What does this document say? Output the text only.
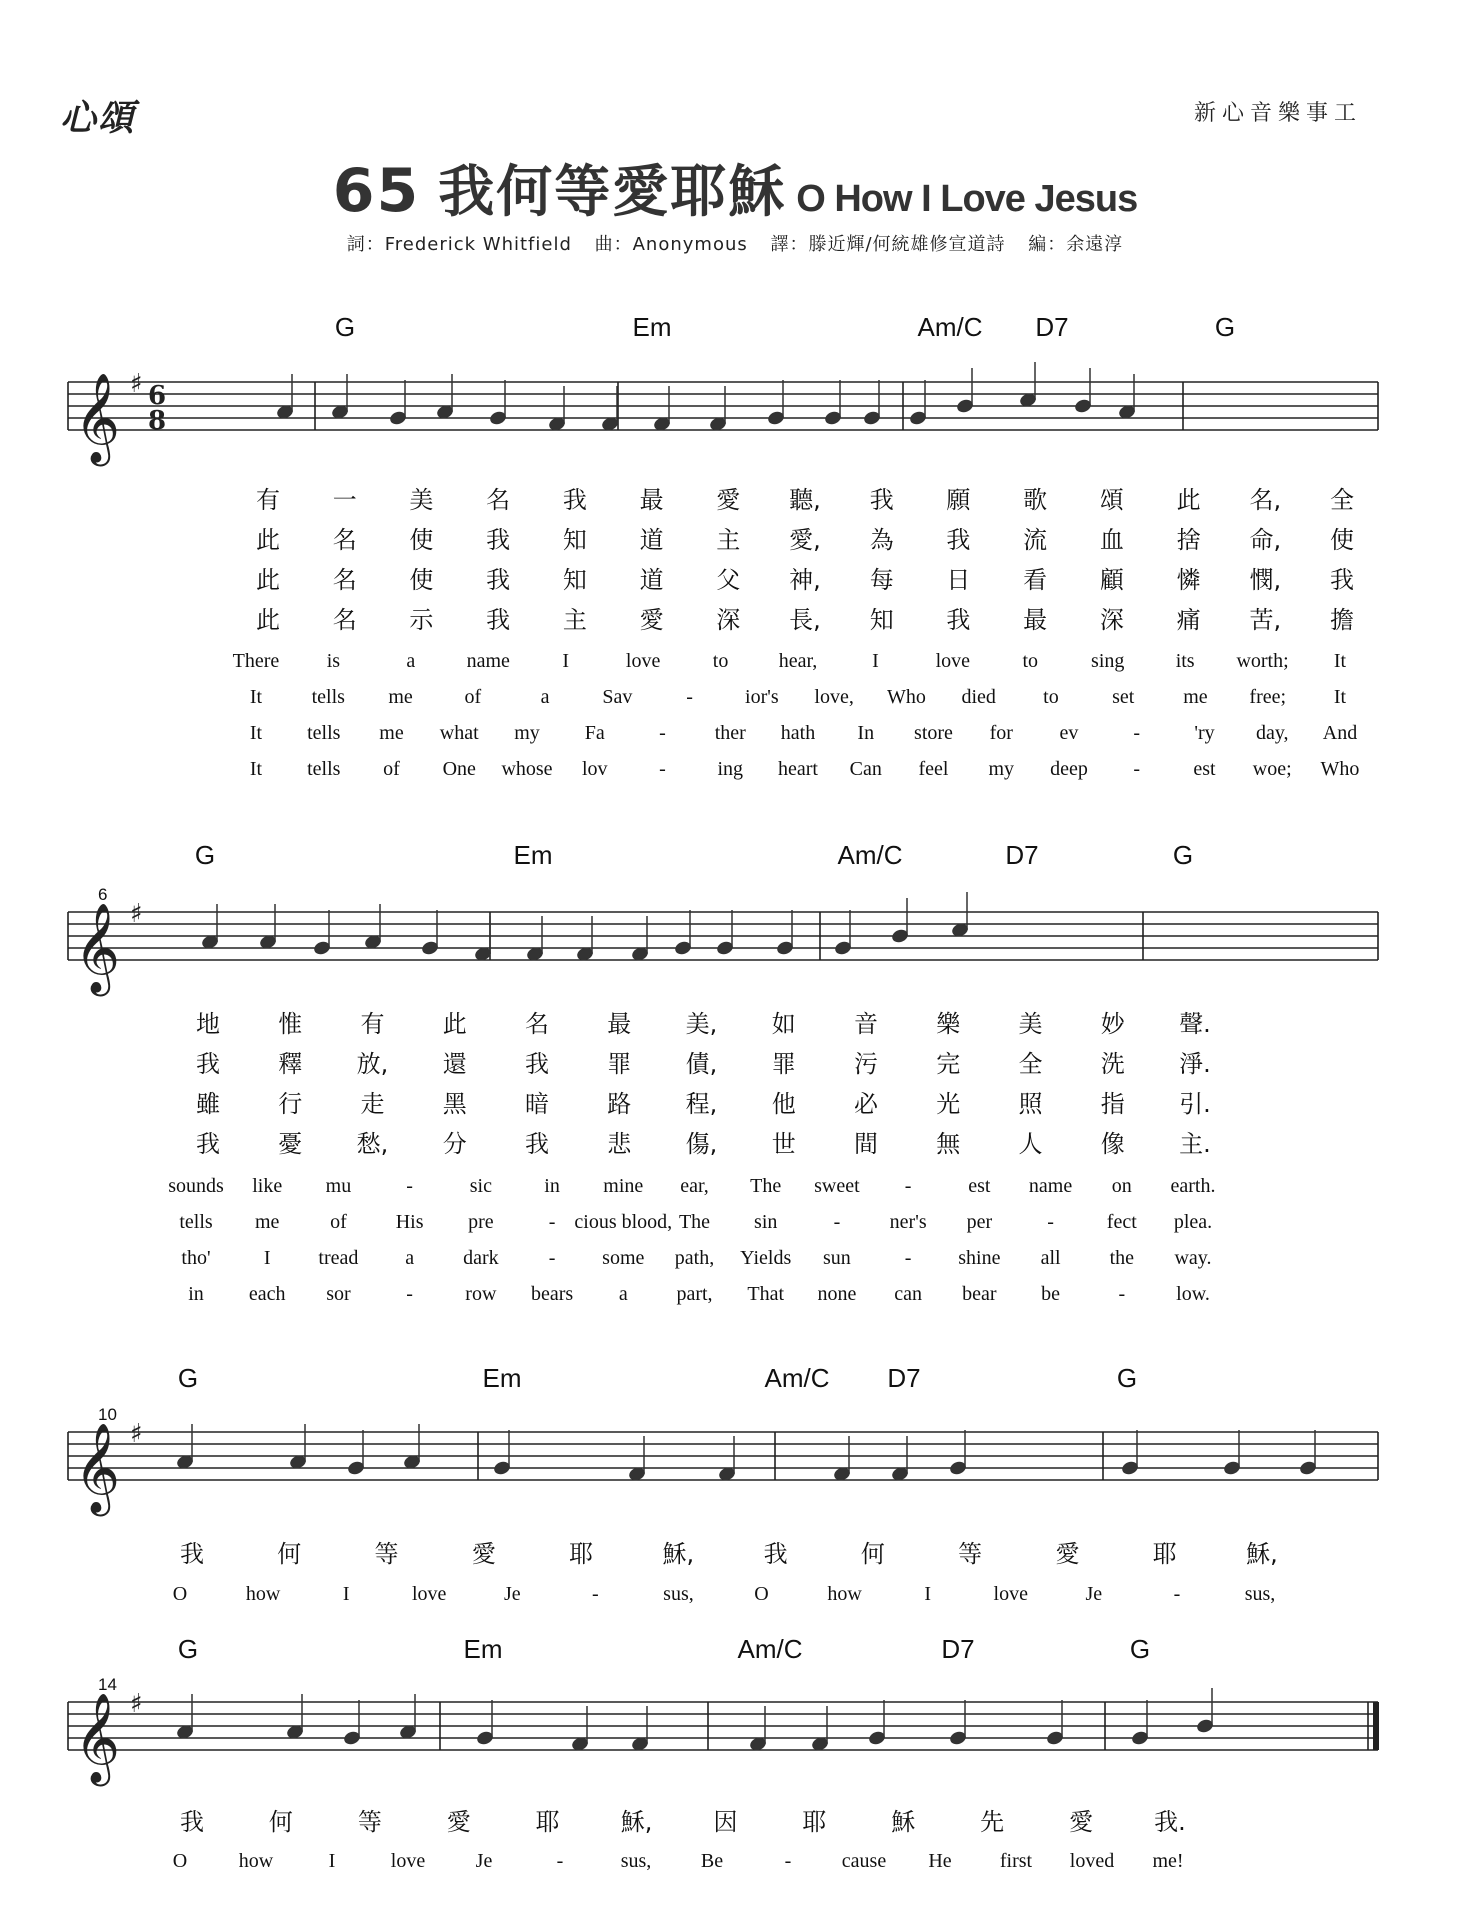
心頌	新心音樂事工
65 我何等愛耶穌 O How I Love Jesus
詞：Frederick Whitfield 曲：Anonymous 譯：滕近輝/何統雄修宣道詩 編：余遠淳
𝄞 ♯ 6
8
G	Em	Am/C D7	G
有 一 美 名 我 最 愛 聽, 我 願 歌 頌 此 名, 全
此 名 使 我 知 道 主 愛, 為 我 流 血 捨 命, 使
此 名 使 我 知 道 父 神, 每 日 看 顧 憐 憫, 我
此 名 示 我 主 愛 深 長, 知 我 最 深 痛 苦, 擔
There is	a	name	I	love	to	hear,	I	love	to	sing	its worth; It
It tells me	of	a	Sav	-	ior's love, Who died to	set me free; It
It tells me what my Fa	- ther hath In store for ev	-	'ry day, And
It tells of One whose lov	-	ing heart Can feel my deep -	est woe; Who
𝄞 ♯
6
G	Em	Am/C	D7	G
地 惟 有 此 名 最 美, 如 音 樂 美 妙 聲.
我 釋 放, 還 我 罪 債, 罪 污 完 全 洗 淨.
雖 行 走 黑 暗 路 程, 他 必 光 照 指 引.
我 憂 愁, 分 我 悲 傷, 世 間 無 人 像 主.
sounds like mu	-	sic	in mine ear, The sweet -	est name on earth.
tells me	of His pre	- cious blood, The sin	- ner's per	-	fect plea.
tho'	I tread a dark	- some path, Yields sun	- shine all the way.
in each sor	-	row bears a part, That none can bear be	-	low.
𝄞 ♯
10
G	Em	Am/C D7	G
我	何	等	愛	耶	穌,	我	何	等	愛	耶	穌,
O	how	I	love	Je	-	sus,	O	how	I	love	Je	-	sus,
𝄞 ♯
14
G	Em	Am/C	D7	G
我	何	等	愛	耶	穌,	因	耶	穌	先	愛	我.
O	how	I	love	Je	-	sus, Be	-	cause He first loved me!
